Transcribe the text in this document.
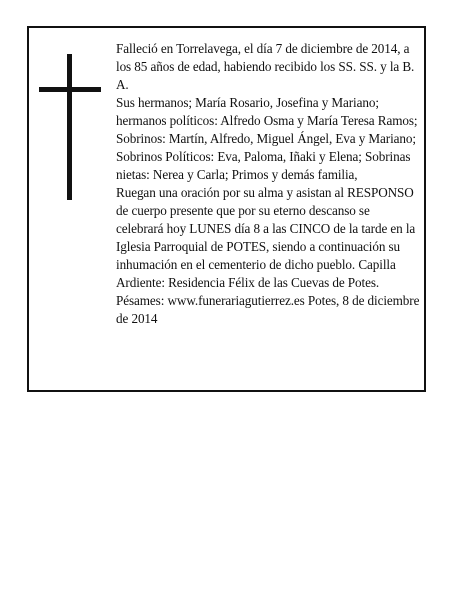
Falleció en Torrelavega, el día 7 de diciembre de 2014, a los 85 años de edad, habiendo recibido los SS. SS. y la B. A.

Sus hermanos; María Rosario, Josefina y Mariano; hermanos políticos: Alfredo Osma y María Teresa Ramos; Sobrinos: Martín, Alfredo, Miguel Ángel, Eva y Mariano; Sobrinos Políticos: Eva, Paloma, Iñaki y Elena; Sobrinas nietas: Nerea y Carla; Primos y demás familia,

Ruegan una oración por su alma y asistan al RESPONSO de cuerpo presente que por su eterno descanso se celebrará hoy LUNES día 8 a las CINCO de la tarde en la Iglesia Parroquial de POTES, siendo a continuación su inhumación en el cementerio de dicho pueblo. Capilla Ardiente: Residencia Félix de las Cuevas de Potes.

Pésames: www.funerariagutierrez.es Potes, 8 de diciembre de 2014
